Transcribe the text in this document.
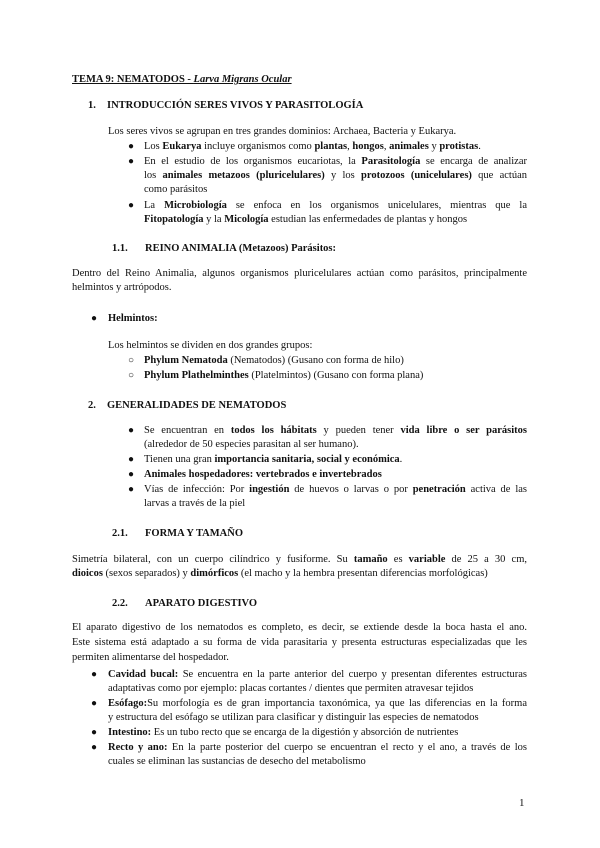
TEMA 9: NEMATODOS - Larva Migrans Ocular
1. INTRODUCCIÓN SERES VIVOS Y PARASITOLOGÍA
Los seres vivos se agrupan en tres grandes dominios: Archaea, Bacteria y Eukarya.
● Los Eukarya incluye organismos como plantas, hongos, animales y protistas.
● En el estudio de los organismos eucariotas, la Parasitología se encarga de analizar
los animales metazoos (pluricelulares) y los protozoos (unicelulares) que actúan
como parásitos
● La Microbiología se enfoca en los organismos unicelulares, mientras que la
Fitopatología y la Micología estudian las enfermedades de plantas y hongos
1.1. REINO ANIMALIA (Metazoos) Parásitos:
Dentro del Reino Animalia, algunos organismos pluricelulares actúan como parásitos, principalmente
helmintos y artrópodos.
● Helmintos:
Los helmintos se dividen en dos grandes grupos:
○ Phylum Nematoda (Nematodos) (Gusano con forma de hilo)
○ Phylum Plathelminthes (Platelmintos) (Gusano con forma plana)
2. GENERALIDADES DE NEMATODOS
● Se encuentran en todos los hábitats y pueden tener vida libre o ser parásitos
(alrededor de 50 especies parasitan al ser humano).
● Tienen una gran importancia sanitaria, social y económica.
● Animales hospedadores: vertebrados e invertebrados
● Vías de infección: Por ingestión de huevos o larvas o por penetración activa de las
larvas a través de la piel
2.1. FORMA Y TAMAÑO
Simetría bilateral, con un cuerpo cilíndrico y fusiforme. Su tamaño es variable de 25 a 30 cm,
dioicos (sexos separados) y dimórficos (el macho y la hembra presentan diferencias morfológicas)
2.2. APARATO DIGESTIVO
El aparato digestivo de los nematodos es completo, es decir, se extiende desde la boca hasta el ano.
Este sistema está adaptado a su forma de vida parasitaria y presenta estructuras especializadas que les
permiten alimentarse del hospedador.
● Cavidad bucal: Se encuentra en la parte anterior del cuerpo y presentan diferentes estructuras
adaptativas como por ejemplo: placas cortantes / dientes que permiten atravesar tejidos
● Esófago:Su morfología es de gran importancia taxonómica, ya que las diferencias en la forma
y estructura del esófago se utilizan para clasificar y distinguir las especies de nematodos
● Intestino: Es un tubo recto que se encarga de la digestión y absorción de nutrientes
● Recto y ano: En la parte posterior del cuerpo se encuentran el recto y el ano, a través de los
cuales se eliminan las sustancias de desecho del metabolismo
1
